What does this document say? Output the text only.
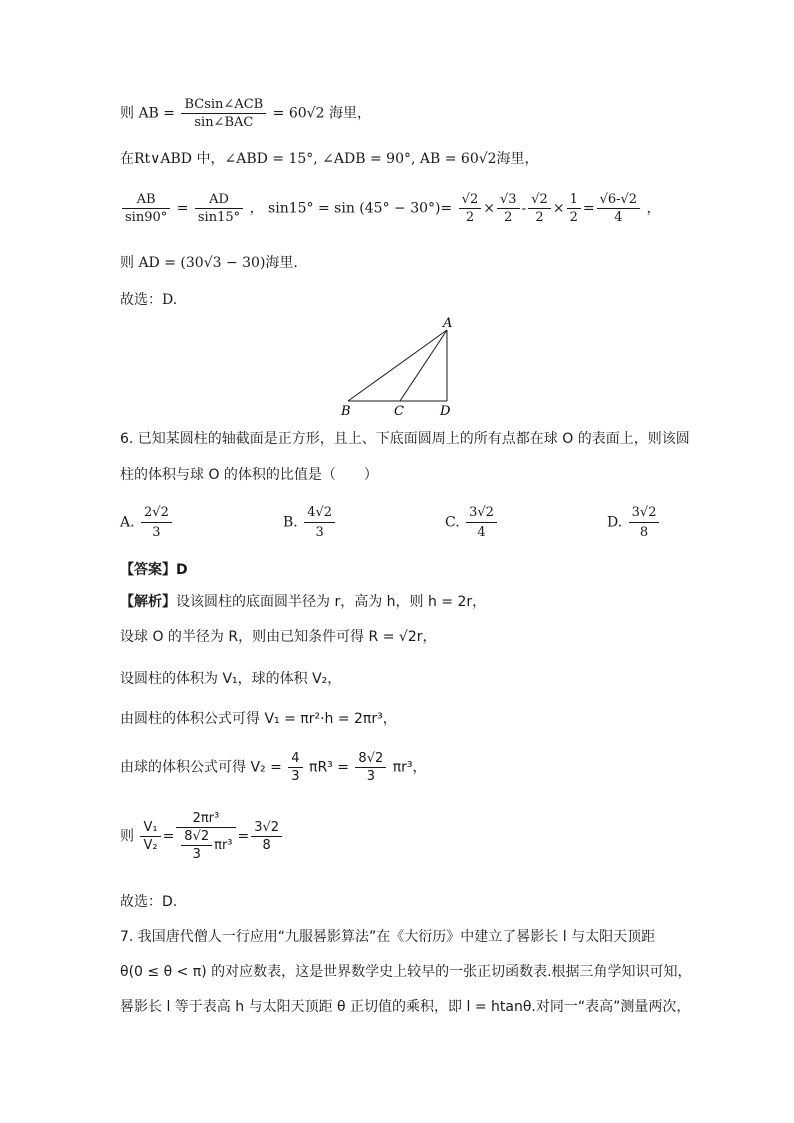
则 AB = $\frac{\text{BCsin∠ACB}}{\text{sin∠BAC}} = 60√2$ 海里，
在Rt∨ABD 中，∠ABD = 15°, ∠ADB = 90°, AB = 60√2海里，
$\frac{AB}{\sin 90^\circ} = \frac{AD}{\sin 15^\circ}$ ， $\sin 15^\circ = \sin (45^\circ - 30^\circ)= \frac{√2}{2} \times \frac{√3}{2} - \frac{√2}{2} \times \frac{1}{2} = \frac{√6-√2}{4}$ ，
则 AD = (30√3 − 30)海里.
故选：D.
A
B	C	D
6. 已知某圆柱的轴截面是正方形，且上、下底面圆周上的所有点都在球 O 的表面上，则该圆
柱的体积与球 O 的体积的比值是（　　）
A. $\frac{2√2}{3}$	B. $\frac{4√2}{3}$	C. $\frac{3√2}{4}$	D. $\frac{3√2}{8}$
【答案】D
【解析】设该圆柱的底面圆半径为 r，高为 h，则 h = 2r，
设球 O 的半径为 R，则由已知条件可得 R = √2r，
设圆柱的体积为 V₁，球的体积 V₂，
由圆柱的体积公式可得 V₁ = πr²·h = 2πr³，
由球的体积公式可得 $V_2 = \frac{4}{3} \pi R^3 = \frac{8√2}{3} \pi r^3$，
则 $\frac{\text{V₁}}{\text{V₂}} = \frac{\text{2πr³}}{\frac{8√2}{3} \pi r^3} = \frac{3√2}{8}$
故选：D.
7. 我国唐代僧人一行应用“九服晷影算法”在《大衍历》中建立了晷影长 l 与太阳天顶距
θ(0 ≤ θ < π) 的对应数表，这是世界数学史上较早的一张正切函数表.根据三角学知识可知，
晷影长 l 等于表高 h 与太阳天顶距 θ 正切值的乘积，即 l = htanθ.对同一“表高”测量两次，
